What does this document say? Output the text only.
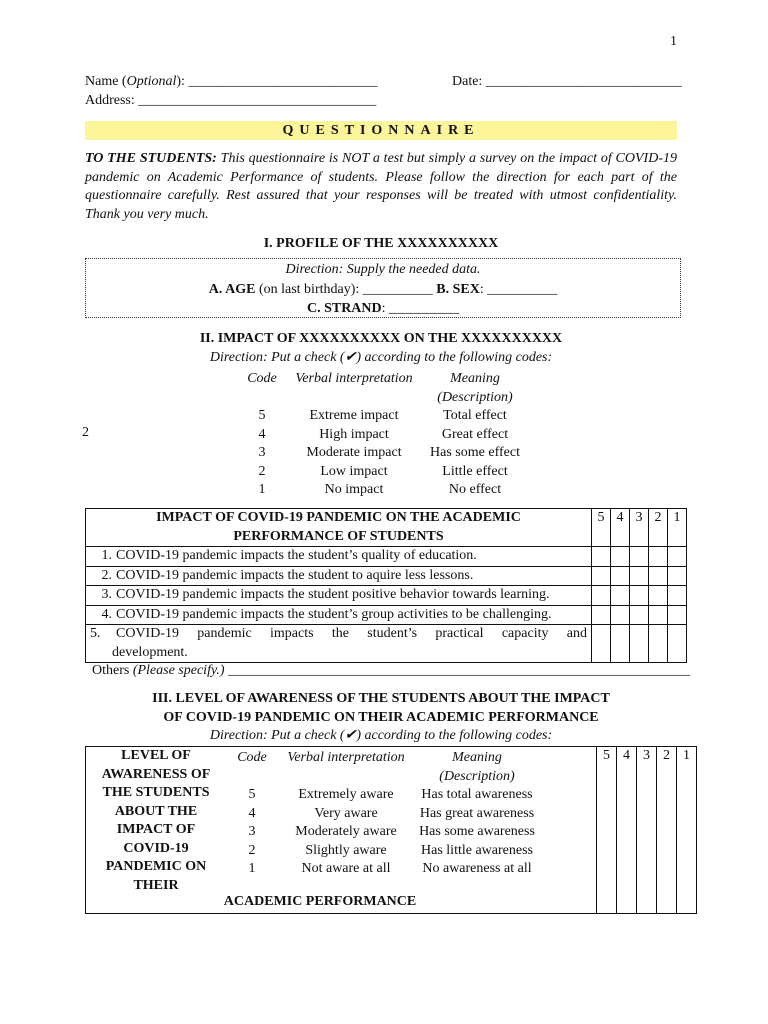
1
2
Name (Optional): ___________________________	Date: ____________________________
Address: __________________________________
QUESTIONNAIRE
TO THE STUDENTS: This questionnaire is NOT a test but simply a survey on the impact of COVID-19 pandemic on Academic Performance of students. Please follow the direction for each part of the questionnaire carefully. Rest assured that your responses will be treated with utmost confidentiality. Thank you very much.
I. PROFILE OF THE XXXXXXXXXX
Direction: Supply the needed data.
A. AGE (on last birthday): __________ B. SEX: __________
C. STRAND: __________
II. IMPACT OF XXXXXXXXXX ON THE XXXXXXXXXX
Direction: Put a check (✔) according to the following codes:
Code	Verbal interpretation	Meaning
(Description)
5	Extreme impact	Total effect
4	High impact	Great effect
3	Moderate impact	Has some effect
2	Low impact	Little effect
1	No impact	No effect
IMPACT OF COVID-19 PANDEMIC ON THE ACADEMIC
PERFORMANCE OF STUDENTS	5	4	3	2	1
1. COVID-19 pandemic impacts the student’s quality of education.					
2. COVID-19 pandemic impacts the student to aquire less lessons.					
3. COVID-19 pandemic impacts the student positive behavior towards learning.					
4. COVID-19 pandemic impacts the student’s group activities to be challenging.					

5. COVID-19 pandemic impacts the student’s practical capacity and
development.					

Others (Please specify.) __________________________________________________________________
III. LEVEL OF AWARENESS OF THE STUDENTS ABOUT THE IMPACT
OF COVID-19 PANDEMIC ON THEIR ACADEMIC PERFORMANCE
Direction: Put a check (✔) according to the following codes:
LEVEL OF
AWARENESS OF
THE STUDENTS
ABOUT THE
IMPACT OF
COVID-19
PANDEMIC ON
THEIR
Code	Verbal interpretation	Meaning
(Description)
5	Extremely aware	Has total awareness
4	Very aware	Has great awareness
3	Moderately aware	Has some awareness
2	Slightly aware	Has little awareness
1	Not aware at all	No awareness at all
ACADEMIC PERFORMANCE
	5	4	3	2	1
